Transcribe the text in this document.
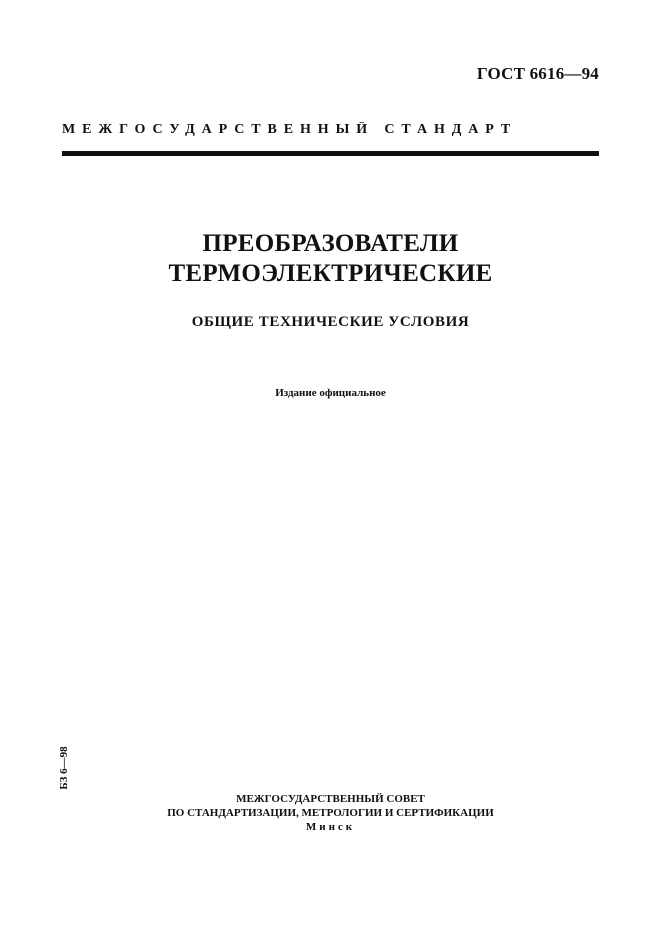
ГОСТ 6616—94
МЕЖГОСУДАРСТВЕННЫЙ СТАНДАРТ
ПРЕОБРАЗОВАТЕЛИ
ТЕРМОЭЛЕКТРИЧЕСКИЕ
ОБЩИЕ ТЕХНИЧЕСКИЕ УСЛОВИЯ
Издание официальное
БЗ 6—98
МЕЖГОСУДАРСТВЕННЫЙ СОВЕТ
ПО СТАНДАРТИЗАЦИИ, МЕТРОЛОГИИ И СЕРТИФИКАЦИИ
Минск
